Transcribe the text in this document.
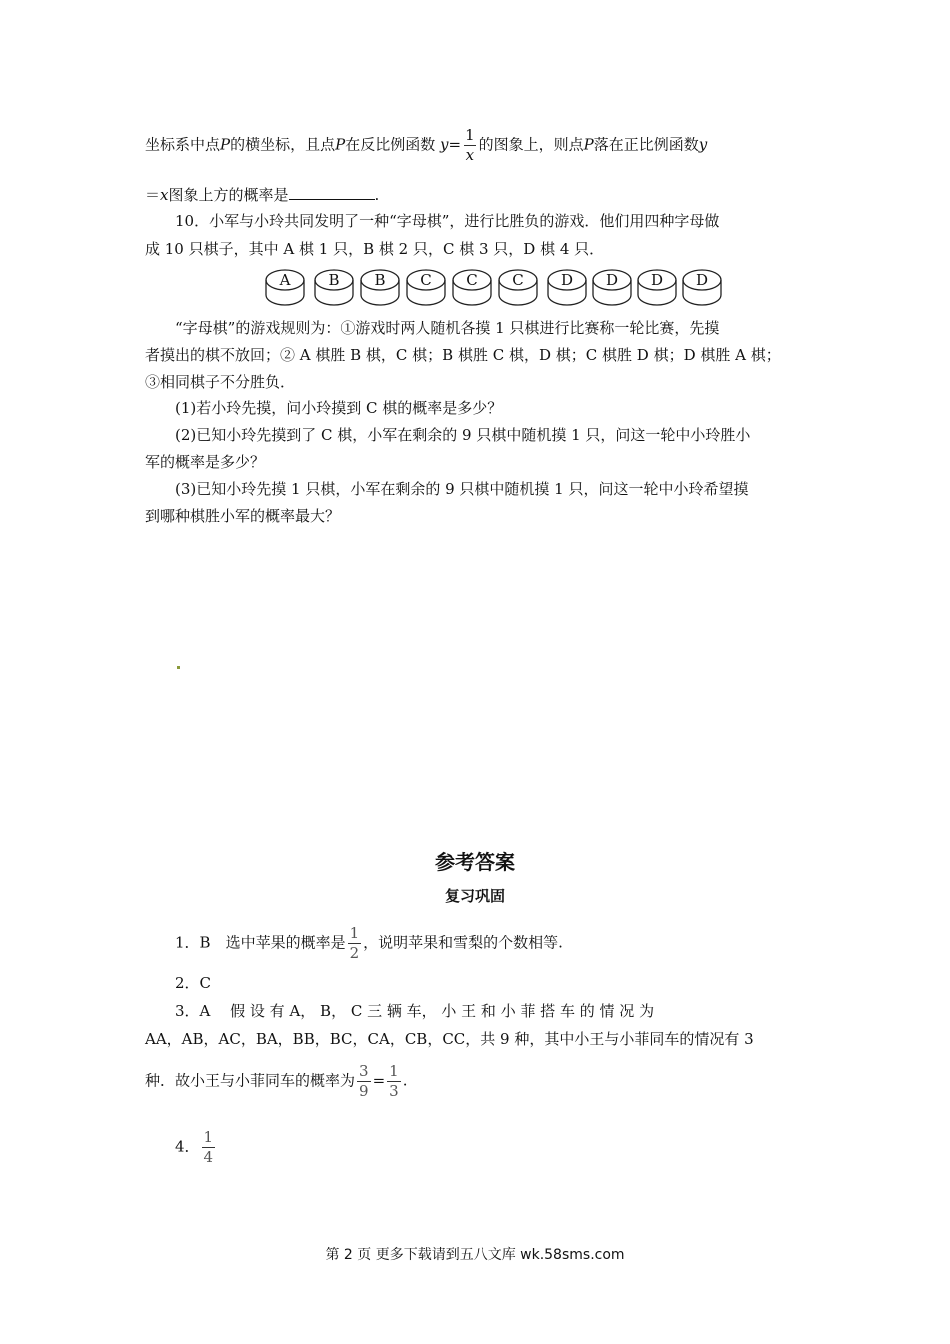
坐标系中点P的横坐标，且点P在反比例函数 $y= \frac{1}{x}$ 的图象上，则点P落在正比例函数y
＝x图象上方的概率是	.
10．小军与小玲共同发明了一种“字母棋”，进行比胜负的游戏．他们用四种字母做
成 10 只棋子，其中 A 棋 1 只，B 棋 2 只，C 棋 3 只，D 棋 4 只．
A	B	B	C	C	C	D	D	D	D
“字母棋”的游戏规则为：①游戏时两人随机各摸 1 只棋进行比赛称一轮比赛，先摸
者摸出的棋不放回；② A 棋胜 B 棋，C 棋；B 棋胜 C 棋，D 棋；C 棋胜 D 棋；D 棋胜 A 棋；
③相同棋子不分胜负．
(1)若小玲先摸，问小玲摸到 C 棋的概率是多少？
(2)已知小玲先摸到了 C 棋，小军在剩余的 9 只棋中随机摸 1 只，问这一轮中小玲胜小
军的概率是多少？
(3)已知小玲先摸 1 只棋，小军在剩余的 9 只棋中随机摸 1 只，问这一轮中小玲希望摸
到哪种棋胜小军的概率最大？
参考答案
复习巩固
1．B　选中苹果的概率是 $\frac{1}{2}$ ，说明苹果和雪梨的个数相等.
2．C
3．A　 假 设 有 A， B， C 三 辆 车， 小 王 和 小 菲 搭 车 的 情 况 为
AA，AB，AC，BA，BB，BC，CA，CB，CC，共 9 种，其中小王与小菲同车的情况有 3
种．故小王与小菲同车的概率为 $\frac{3}{9} = \frac{1}{3}$ .
4． $\frac{1}{4}$
第 2 页 更多下载请到五八文库 wk.58sms.com
